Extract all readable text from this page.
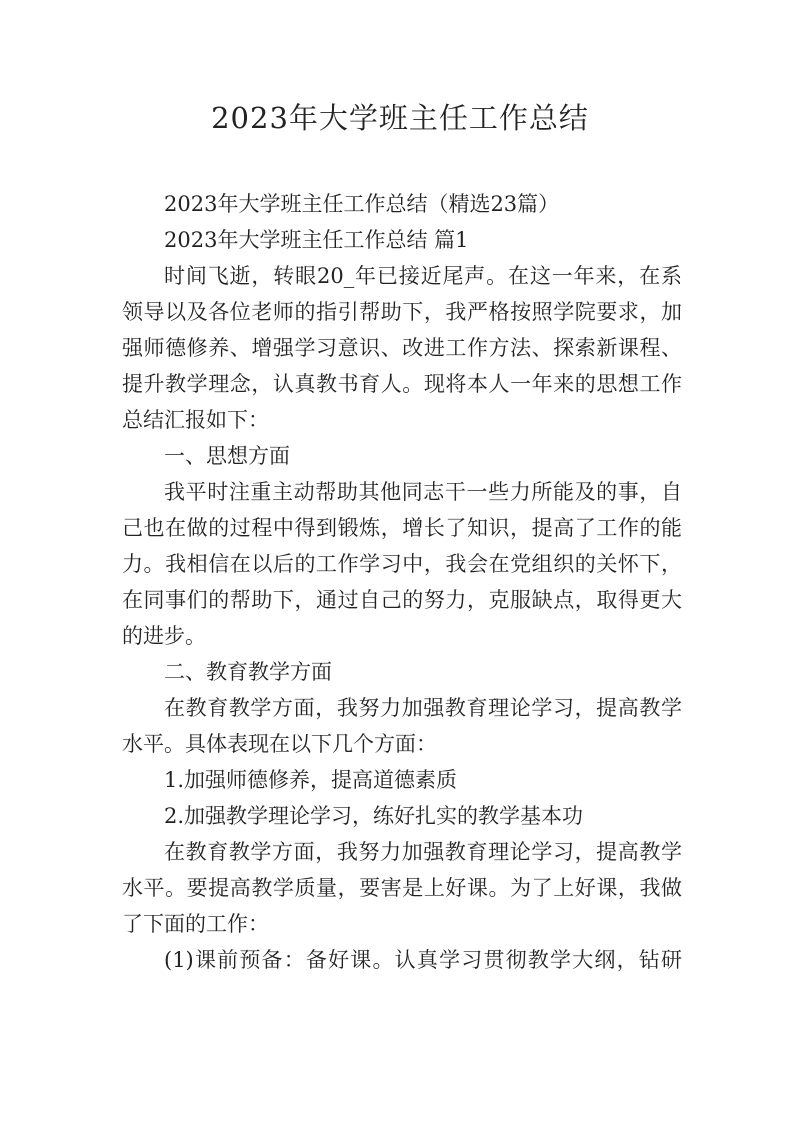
2023年大学班主任工作总结

2023年大学班主任工作总结（精选23篇）

2023年大学班主任工作总结 篇1

时间飞逝，转眼20_年已接近尾声。在这一年来，在系

领导以及各位老师的指引帮助下，我严格按照学院要求，加

强师德修养、增强学习意识、改进工作方法、探索新课程、

提升教学理念，认真教书育人。现将本人一年来的思想工作

总结汇报如下：

一、思想方面

我平时注重主动帮助其他同志干一些力所能及的事，自

己也在做的过程中得到锻炼，增长了知识，提高了工作的能

力。我相信在以后的工作学习中，我会在党组织的关怀下，

在同事们的帮助下，通过自己的努力，克服缺点，取得更大

的进步。

二、教育教学方面

在教育教学方面，我努力加强教育理论学习，提高教学

水平。具体表现在以下几个方面：

1.加强师德修养，提高道德素质

2.加强教学理论学习，练好扎实的教学基本功

在教育教学方面，我努力加强教育理论学习，提高教学

水平。要提高教学质量，要害是上好课。为了上好课，我做

了下面的工作：

(1)课前预备：备好课。认真学习贯彻教学大纲，钻研
